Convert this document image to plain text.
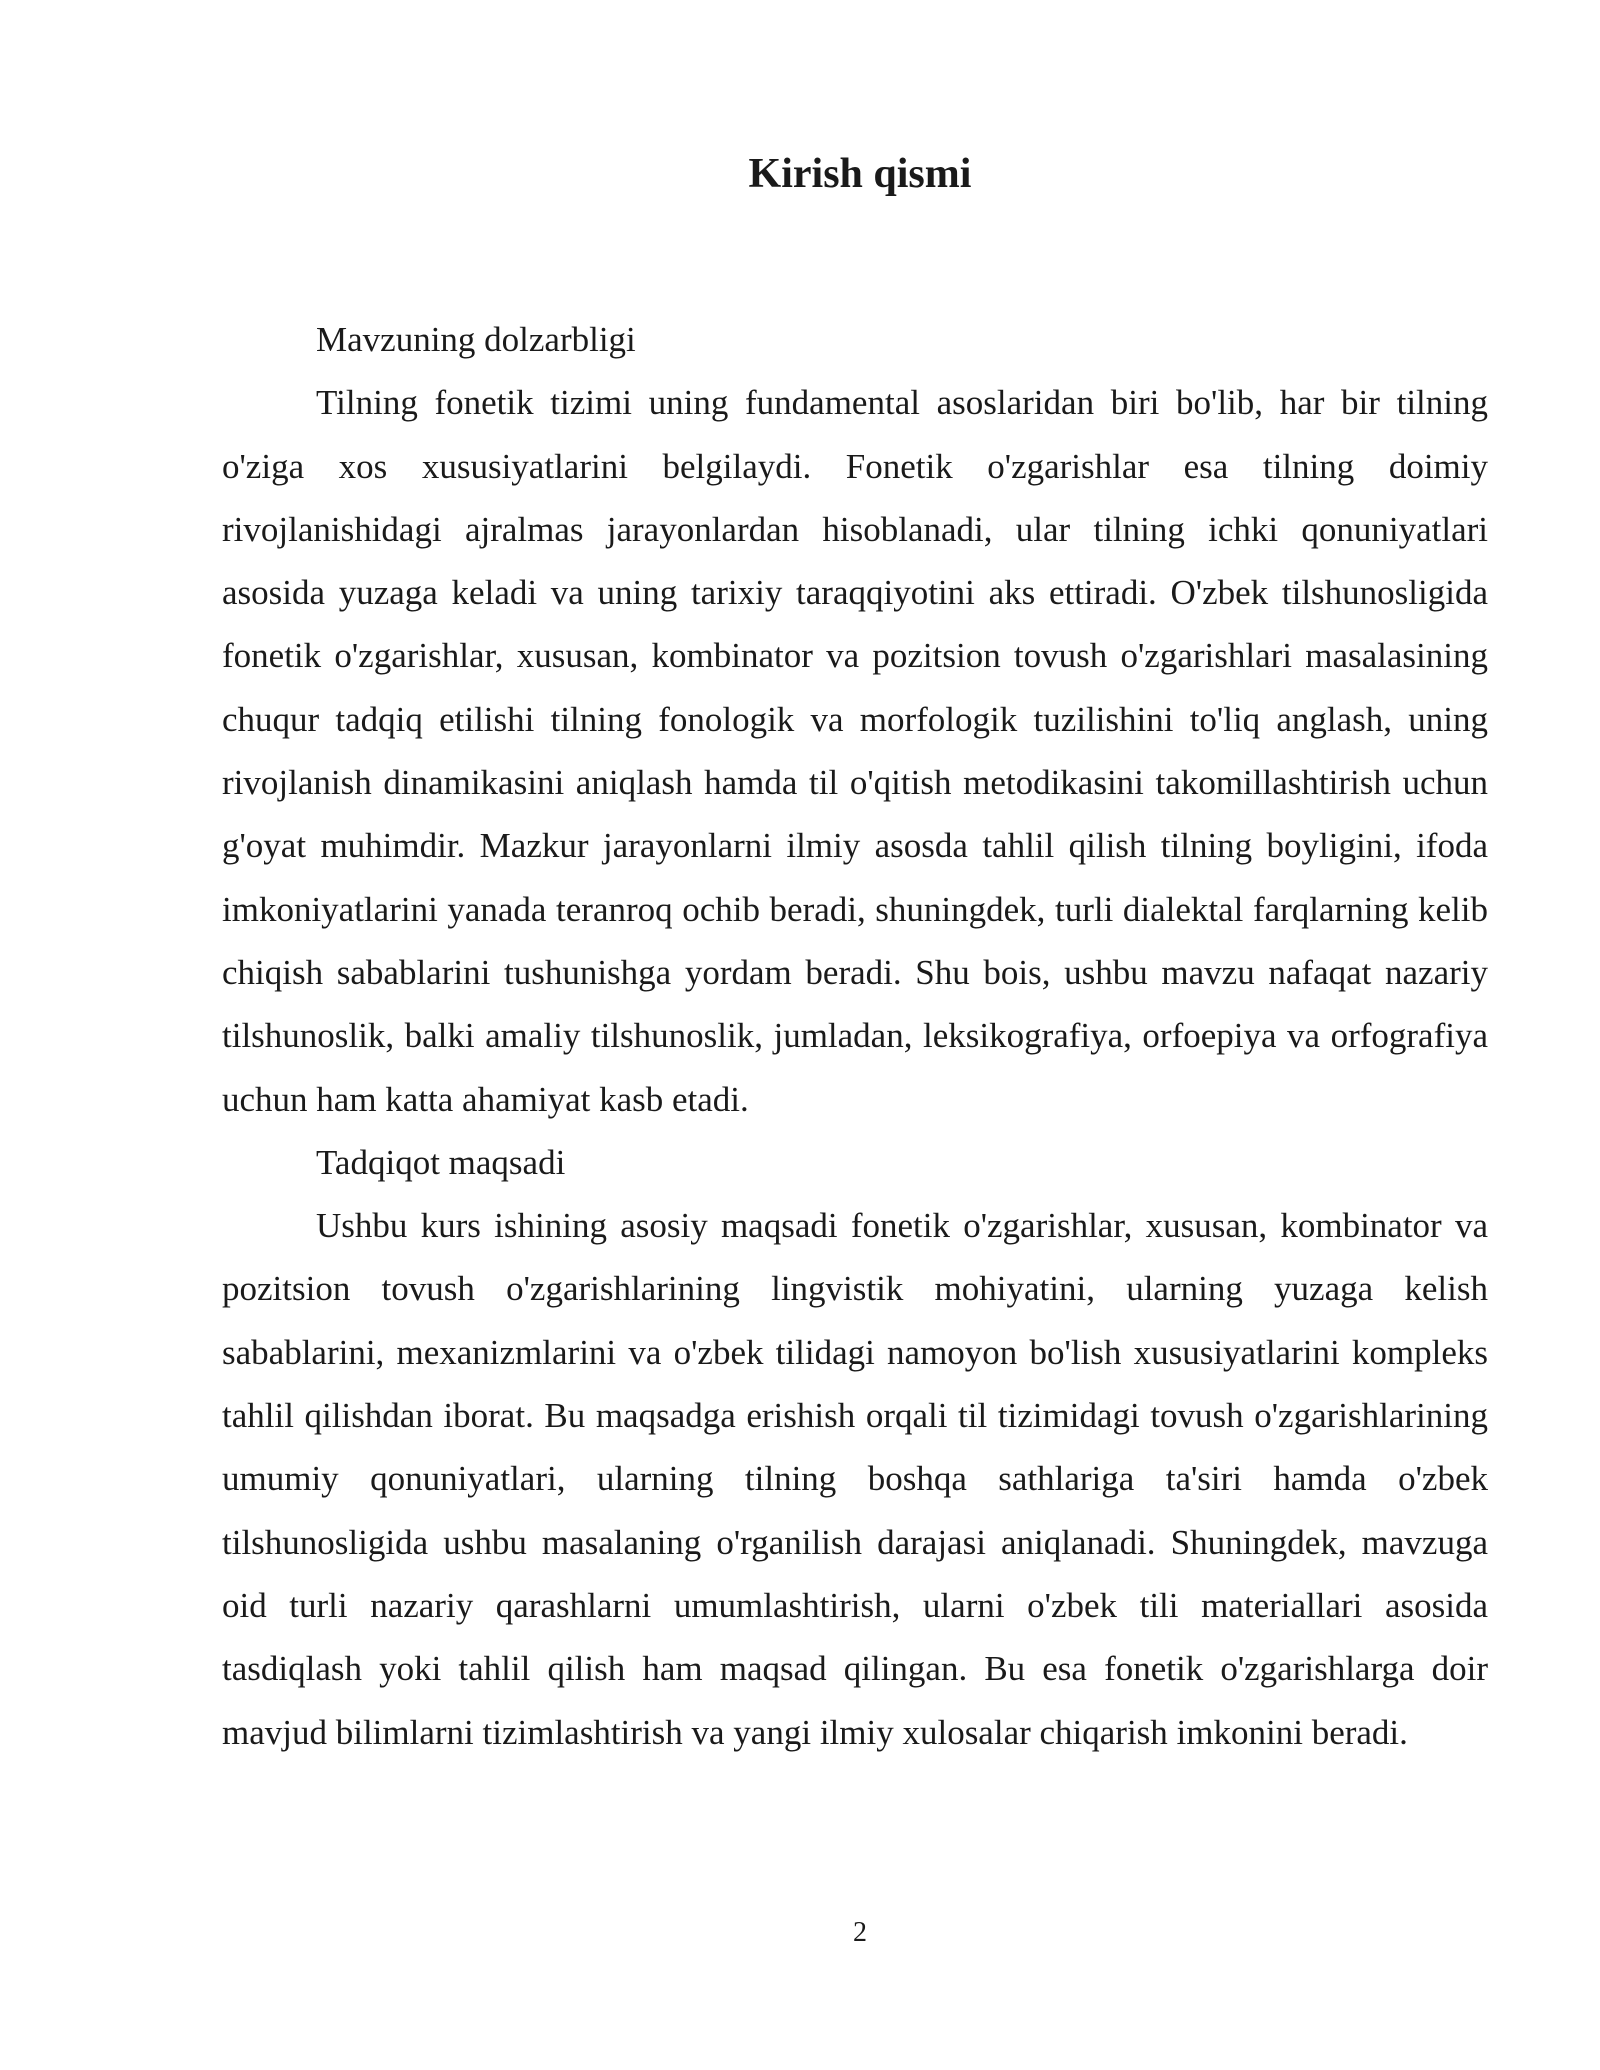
Kirish qismi

Mavzuning dolzarbligi

Tilning fonetik tizimi uning fundamental asoslaridan biri bo'lib, har bir tilning o'ziga xos xususiyatlarini belgilaydi. Fonetik o'zgarishlar esa tilning doimiy rivojlanishidagi ajralmas jarayonlardan hisoblanadi, ular tilning ichki qonuniyatlari asosida yuzaga keladi va uning tarixiy taraqqiyotini aks ettiradi. O'zbek tilshunosligida fonetik o'zgarishlar, xususan, kombinator va pozitsion tovush o'zgarishlari masalasining chuqur tadqiq etilishi tilning fonologik va morfologik tuzilishini to'liq anglash, uning rivojlanish dinamikasini aniqlash hamda til o'qitish metodikasini takomillashtirish uchun g'oyat muhimdir. Mazkur jarayonlarni ilmiy asosda tahlil qilish tilning boyligini, ifoda imkoniyatlarini yanada teranroq ochib beradi, shuningdek, turli dialektal farqlarning kelib chiqish sabablarini tushunishga yordam beradi. Shu bois, ushbu mavzu nafaqat nazariy tilshunoslik, balki amaliy tilshunoslik, jumladan, leksikografiya, orfoepiya va orfografiya uchun ham katta ahamiyat kasb etadi.

Tadqiqot maqsadi

Ushbu kurs ishining asosiy maqsadi fonetik o'zgarishlar, xususan, kombinator va pozitsion tovush o'zgarishlarining lingvistik mohiyatini, ularning yuzaga kelish sabablarini, mexanizmlarini va o'zbek tilidagi namoyon bo'lish xususiyatlarini kompleks tahlil qilishdan iborat. Bu maqsadga erishish orqali til tizimidagi tovush o'zgarishlarining umumiy qonuniyatlari, ularning tilning boshqa sathlariga ta'siri hamda o'zbek tilshunosligida ushbu masalaning o'rganilish darajasi aniqlanadi. Shuningdek, mavzuga oid turli nazariy qarashlarni umumlashtirish, ularni o'zbek tili materiallari asosida tasdiqlash yoki tahlil qilish ham maqsad qilingan. Bu esa fonetik o'zgarishlarga doir mavjud bilimlarni tizimlashtirish va yangi ilmiy xulosalar chiqarish imkonini beradi.

2
